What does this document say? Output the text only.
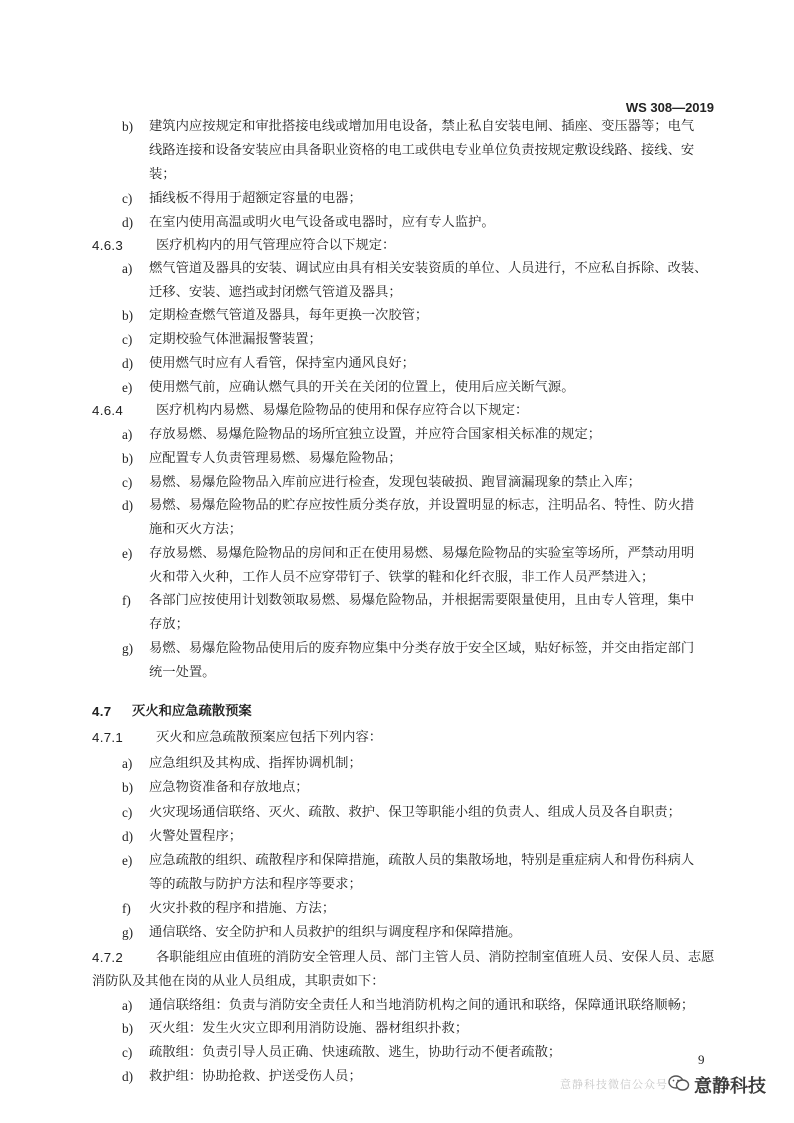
WS 308—2019
b) 建筑内应按规定和审批搭接电线或增加用电设备，禁止私自安装电闸、插座、变压器等；电气
线路连接和设备安装应由具备职业资格的电工或供电专业单位负责按规定敷设线路、接线、安
装；
c) 插线板不得用于超额定容量的电器；
d) 在室内使用高温或明火电气设备或电器时，应有专人监护。
4.6.3 医疗机构内的用气管理应符合以下规定：
a) 燃气管道及器具的安装、调试应由具有相关安装资质的单位、人员进行，不应私自拆除、改装、
迁移、安装、遮挡或封闭燃气管道及器具；
b) 定期检查燃气管道及器具，每年更换一次胶管；
c) 定期校验气体泄漏报警装置；
d) 使用燃气时应有人看管，保持室内通风良好；
e) 使用燃气前，应确认燃气具的开关在关闭的位置上，使用后应关断气源。
4.6.4 医疗机构内易燃、易爆危险物品的使用和保存应符合以下规定：
a) 存放易燃、易爆危险物品的场所宜独立设置，并应符合国家相关标准的规定；
b) 应配置专人负责管理易燃、易爆危险物品；
c) 易燃、易爆危险物品入库前应进行检查，发现包装破损、跑冒滴漏现象的禁止入库；
d) 易燃、易爆危险物品的贮存应按性质分类存放，并设置明显的标志，注明品名、特性、防火措
施和灭火方法；
e) 存放易燃、易爆危险物品的房间和正在使用易燃、易爆危险物品的实验室等场所，严禁动用明
火和带入火种，工作人员不应穿带钉子、铁掌的鞋和化纤衣服，非工作人员严禁进入；
f) 各部门应按使用计划数领取易燃、易爆危险物品，并根据需要限量使用，且由专人管理，集中
存放；
g) 易燃、易爆危险物品使用后的废弃物应集中分类存放于安全区域，贴好标签，并交由指定部门
统一处置。
4.7 灭火和应急疏散预案
4.7.1 灭火和应急疏散预案应包括下列内容：
a) 应急组织及其构成、指挥协调机制；
b) 应急物资准备和存放地点；
c) 火灾现场通信联络、灭火、疏散、救护、保卫等职能小组的负责人、组成人员及各自职责；
d) 火警处置程序；
e) 应急疏散的组织、疏散程序和保障措施，疏散人员的集散场地，特别是重症病人和骨伤科病人
等的疏散与防护方法和程序等要求；
f) 火灾扑救的程序和措施、方法；
g) 通信联络、安全防护和人员救护的组织与调度程序和保障措施。
4.7.2 各职能组应由值班的消防安全管理人员、部门主管人员、消防控制室值班人员、安保人员、志愿
消防队及其他在岗的从业人员组成，其职责如下：
a) 通信联络组：负责与消防安全责任人和当地消防机构之间的通讯和联络，保障通讯联络顺畅；
b) 灭火组：发生火灾立即利用消防设施、器材组织扑救；
c) 疏散组：负责引导人员正确、快速疏散、逃生，协助行动不便者疏散；
d) 救护组：协助抢救、护送受伤人员；
9
意静科技微信公众号 意静科技
